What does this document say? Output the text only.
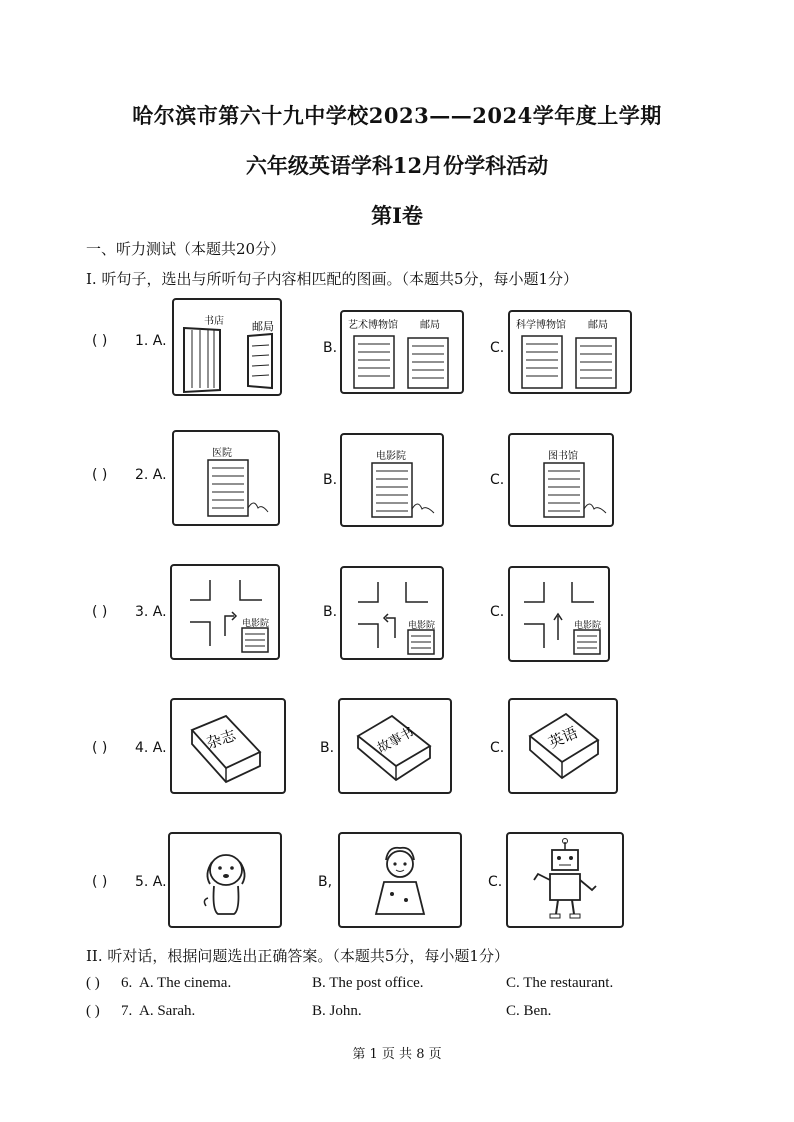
哈尔滨市第六十九中学校2023——2024学年度上学期
六年级英语学科12月份学科活动
第I卷
一、听力测试（本题共20分）
I. 听句子，选出与所听句子内容相匹配的图画。（本题共5分，每小题1分）
( ) 1. A.
书店	邮局
B.
艺术博物馆 邮局
C.
科学博物馆 邮局
( ) 2. A.
医院
B.
电影院
C.
图书馆
( ) 3. A.
电影院
B.
电影院
C.
电影院
( ) 4. A. 杂志	B.	故事书	C.	英语
( ) 5. A.	B,	C.
II. 听对话，根据问题选出正确答案。（本题共5分，每小题1分）
( ) 6. A. The cinema.	B. The post office.	C. The restaurant.
( ) 7. A. Sarah.	B. John.	C. Ben.
第 1 页 共 8 页
